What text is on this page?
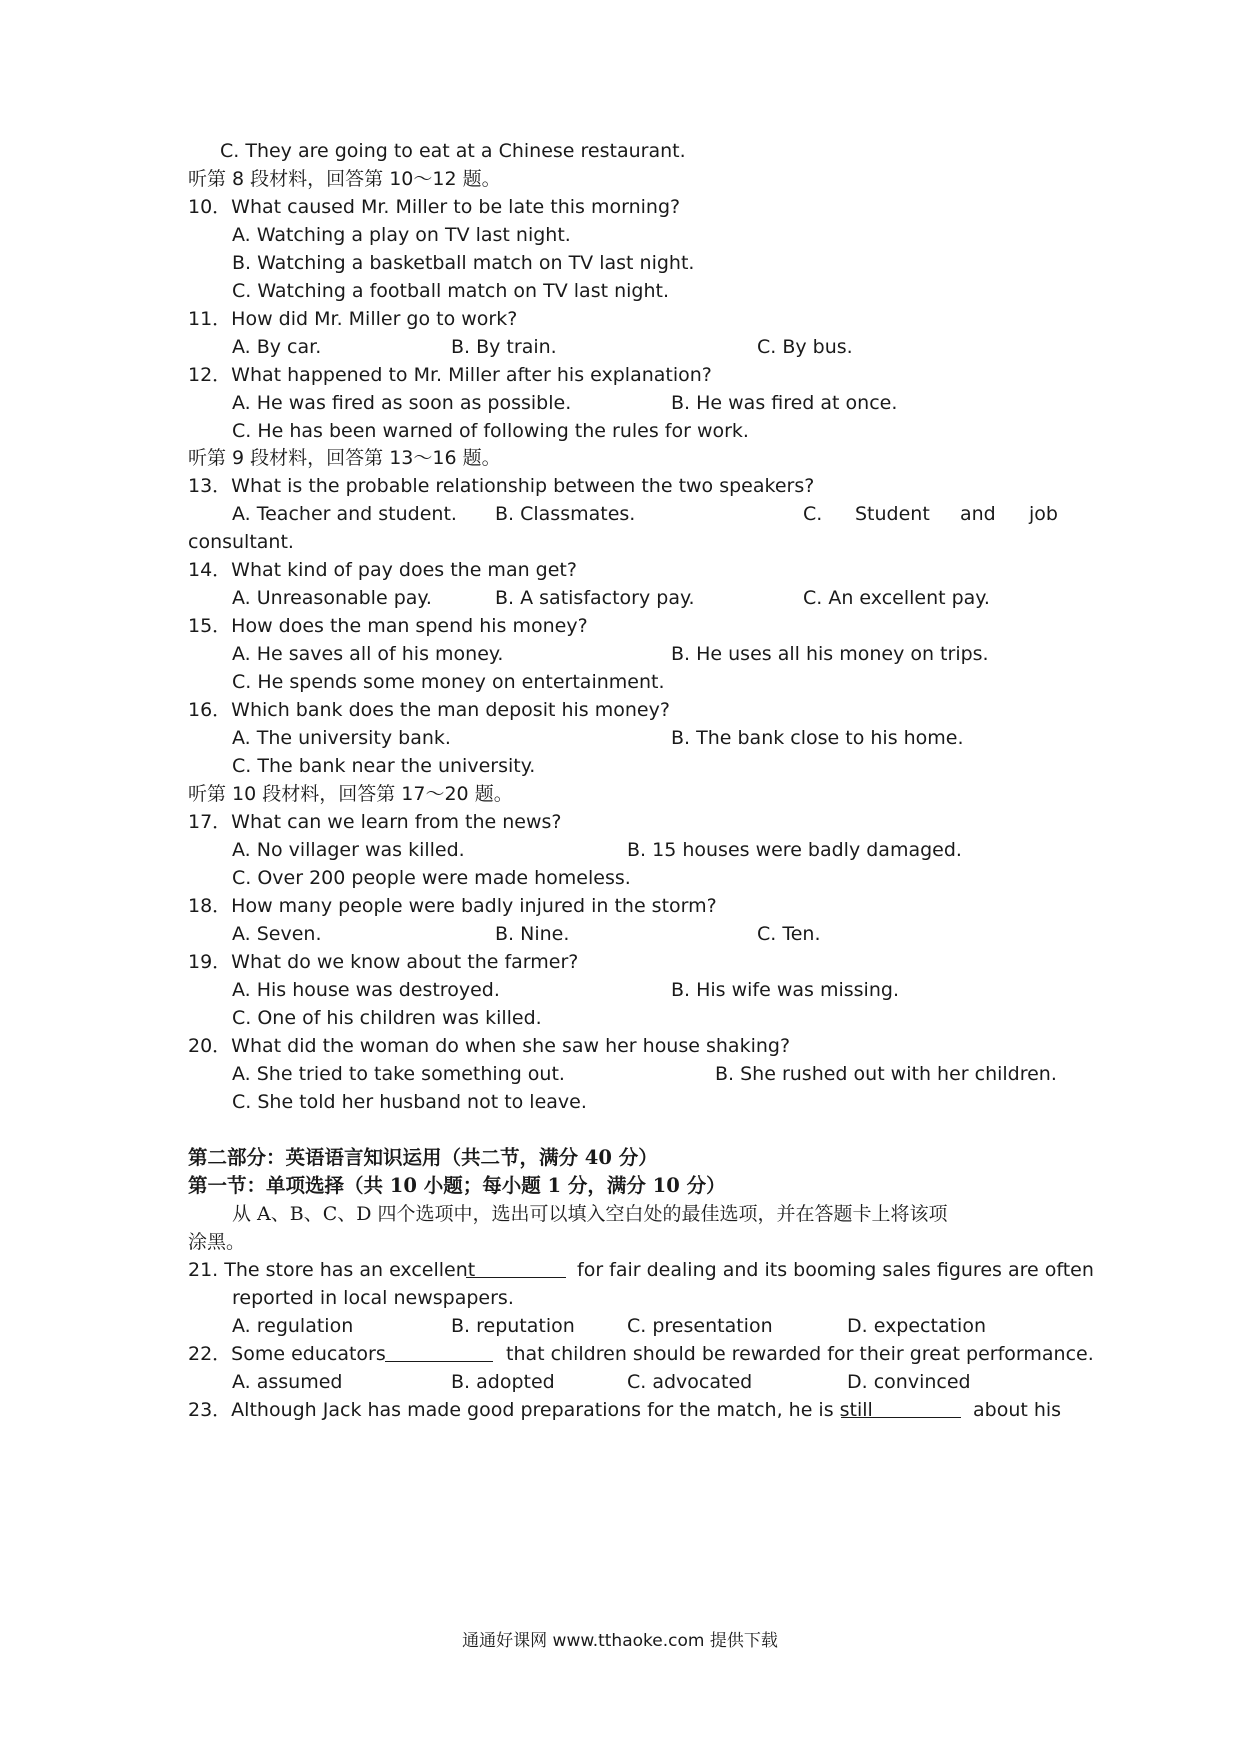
C. They are going to eat at a Chinese restaurant.
听第 8 段材料，回答第 10～12 题。
10．What caused Mr. Miller to be late this morning?
A. Watching a play on TV last night.
B. Watching a basketball match on TV last night.
C. Watching a football match on TV last night.
11．How did Mr. Miller go to work?
A. By car.	B. By train.	C. By bus.
12．What happened to Mr. Miller after his explanation?
A. He was fired as soon as possible.	B. He was fired at once.
C. He has been warned of following the rules for work.
听第 9 段材料，回答第 13～16 题。
13．What is the probable relationship between the two speakers?
A. Teacher and student. B. Classmates.	C. Student and job
consultant.
14．What kind of pay does the man get?
A. Unreasonable pay.	B. A satisfactory pay.	C. An excellent pay.
15．How does the man spend his money?
A. He saves all of his money.	B. He uses all his money on trips.
C. He spends some money on entertainment.
16．Which bank does the man deposit his money?
A. The university bank.	B. The bank close to his home.
C. The bank near the university.
听第 10 段材料，回答第 17～20 题。
17．What can we learn from the news?
A. No villager was killed.	B. 15 houses were badly damaged.
C. Over 200 people were made homeless.
18．How many people were badly injured in the storm?
A. Seven.	B. Nine.	C. Ten.
19．What do we know about the farmer?
A. His house was destroyed.	B. His wife was missing.
C. One of his children was killed.
20．What did the woman do when she saw her house shaking?
A. She tried to take something out.	B. She rushed out with her children.
C. She told her husband not to leave.
第二部分：英语语言知识运用（共二节，满分 40 分）
第一节：单项选择（共 10 小题；每小题 1 分，满分 10 分）
从 A、B、C、D 四个选项中，选出可以填入空白处的最佳选项，并在答题卡上将该项
涂黑。
21. The store has an excellent	for fair dealing and its booming sales figures are often
reported in local newspapers.
A. regulation	B. reputation	C. presentation	D. expectation
22．Some educators	that children should be rewarded for their great performance.
A. assumed	B. adopted	C. advocated	D. convinced
23．Although Jack has made good preparations for the match, he is still	about his
通通好课网 www.tthaoke.com 提供下载
